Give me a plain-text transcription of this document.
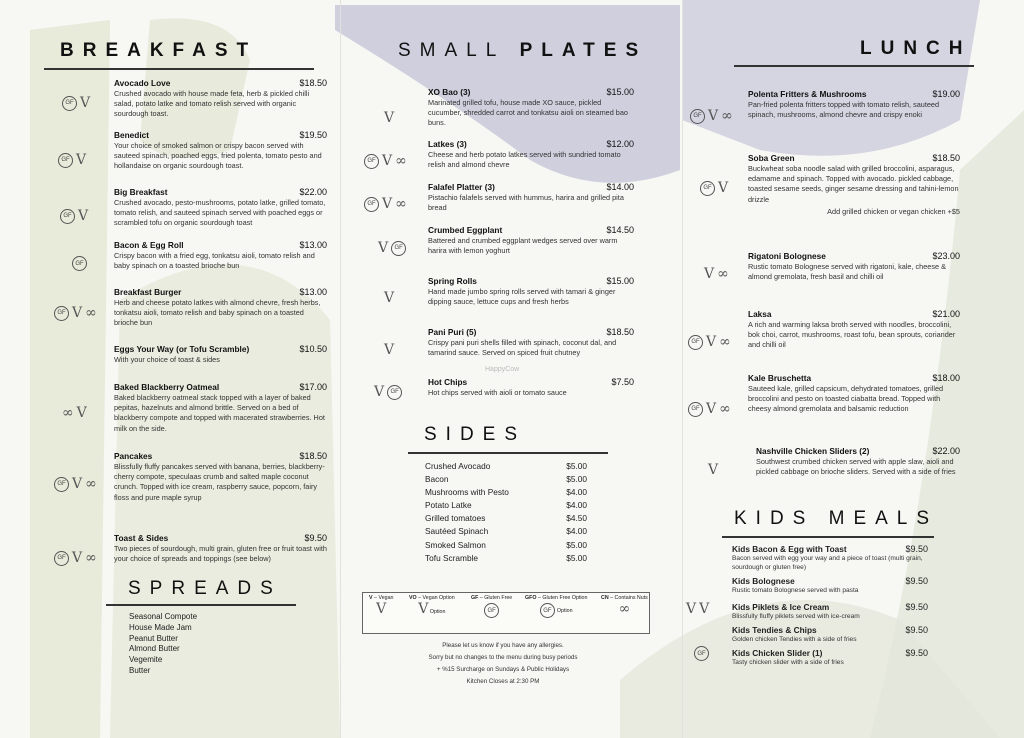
BREAKFAST
Avocado Love	$18.50
Crushed avocado with house made feta, herb & pickled chilli salad, potato latke and tomato relish served with organic sourdough toast.
GF V
Benedict	$19.50
Your choice of smoked salmon or crispy bacon served with sauteed spinach, poached eggs, fried polenta, tomato pesto and hollandaise on organic sourdough toast.
GF V
Big Breakfast	$22.00
Crushed avocado, pesto-mushrooms, potato latke, grilled tomato, tomato relish, and sauteed spinach served with poached eggs or scrambled tofu on organic sourdough toast
GF V
Bacon & Egg Roll	$13.00
Crispy bacon with a fried egg, tonkatsu aioli, tomato relish and baby spinach on a toasted brioche bun
GF
Breakfast Burger	$13.00
Herb and cheese potato latkes with almond chevre, fresh herbs, tonkatsu aioli, tomato relish and baby spinach on a toasted brioche bun
GF V ∞
Eggs Your Way (or Tofu Scramble)	$10.50
With your choice of toast & sides
Baked Blackberry Oatmeal	$17.00
Baked blackberry oatmeal stack topped with a layer of baked pepitas, hazelnuts and almond brittle. Served on a bed of blackberry compote and topped with macerated strawberries. Hot milk on the side.
∞ V
Pancakes	$18.50
Blissfully fluffy pancakes served with banana, berries, blackberry-cherry compote, speculaas crumb and salted maple coconut crunch. Topped with ice cream, raspberry sauce, popcorn, fairy floss and pure maple syrup
GF V ∞
Toast & Sides	$9.50
Two pieces of sourdough, multi grain, gluten free or fruit toast with your choice of spreads and toppings (see below)
GF V ∞
SPREADS
Seasonal Compote
House Made Jam
Peanut Butter
Almond Butter
Vegemite
Butter
SMALL PLATES
XO Bao (3)	$15.00
Marinated grilled tofu, house made XO sauce, pickled cucumber, shredded carrot and tonkatsu aioli on steamed bao buns.
V
Latkes (3)	$12.00
Cheese and herb potato latkes served with sundried tomato relish and almond chevre
GF V ∞
Falafel Platter (3)	$14.00
Pistachio falafels served with hummus, harira and grilled pita bread
GF V ∞
Crumbed Eggplant	$14.50
Battered and crumbed eggplant wedges served over warm harira with lemon yoghurt
V	GF
Spring Rolls	$15.00
Hand made jumbo spring rolls served with tamari & ginger dipping sauce, lettuce cups and fresh herbs
V
Pani Puri (5)	$18.50
Crispy pani puri shells filled with spinach, coconut dal, and tamarind sauce. Served on spiced fruit chutney
V
HappyCow
Hot Chips	$7.50
Hot chips served with aioli or tomato sauce
V	GF
SIDES
Crushed Avocado	$5.00
Bacon	$5.00
Mushrooms with Pesto	$4.00
Potato Latke	$4.00
Grilled tomatoes	$4.50
Sautéed Spinach	$4.00
Smoked Salmon	$5.00
Tofu Scramble	$5.00
V – Vegan
V
VO – Vegan Option
V Option
GF – Gluten Free
GF
GFO – Gluten Free Option
GF	Option
CN – Contains Nuts
∞
Please let us know if you have any allergies.
Sorry but no changes to the menu during busy periods
+ %15 Surcharge on Sundays & Public Holidays
Kitchen Closes at 2:30 PM
LUNCH
Polenta Fritters & Mushrooms	$19.00
Pan-fried polenta fritters topped with tomato relish, sauteed spinach, mushrooms, almond chevre and crispy enoki
GF V ∞
Soba Green	$18.50
Buckwheat soba noodle salad with grilled broccolini, asparagus, edamame and spinach. Topped with avocado. pickled cabbage, toasted sesame seeds, ginger sesame dressing and tahini-lemon drizzle
Add grilled chicken or vegan chicken +$5
GF V
Rigatoni Bolognese	$23.00
Rustic tomato Bolognese served with rigatoni, kale, cheese & almond gremolata, fresh basil and chilli oil
V ∞
Laksa	$21.00
A rich and warming laksa broth served with noodles, broccolini, bok choi, carrot, mushrooms, roast tofu, bean sprouts, coriander and chilli oil
GF V ∞
Kale Bruschetta	$18.00
Sauteed kale, grilled capsicum, dehydrated tomatoes, grilled broccolini and pesto on toasted ciabatta bread. Topped with cheesy almond gremolata and balsamic reduction
GF V ∞
Nashville Chicken Sliders (2)	$22.00
Southwest crumbed chicken served with apple slaw, aioli and pickled cabbage on brioche sliders. Served with a side of fries
V
KIDS MEALS
Kids Bacon & Egg with Toast	$9.50
Bacon served with egg your way and a piece of toast (multi grain, sourdough or gluten free)
Kids Bolognese	$9.50
Rustic tomato Bolognese served with pasta
V V	Kids Piklets & Ice Cream	$9.50
Blissfully fluffy piklets served with ice-cream
Kids Tendies & Chips	$9.50
Golden chicken Tendies with a side of fries
GF	Kids Chicken Slider (1)	$9.50
Tasty chicken slider with a side of fries
